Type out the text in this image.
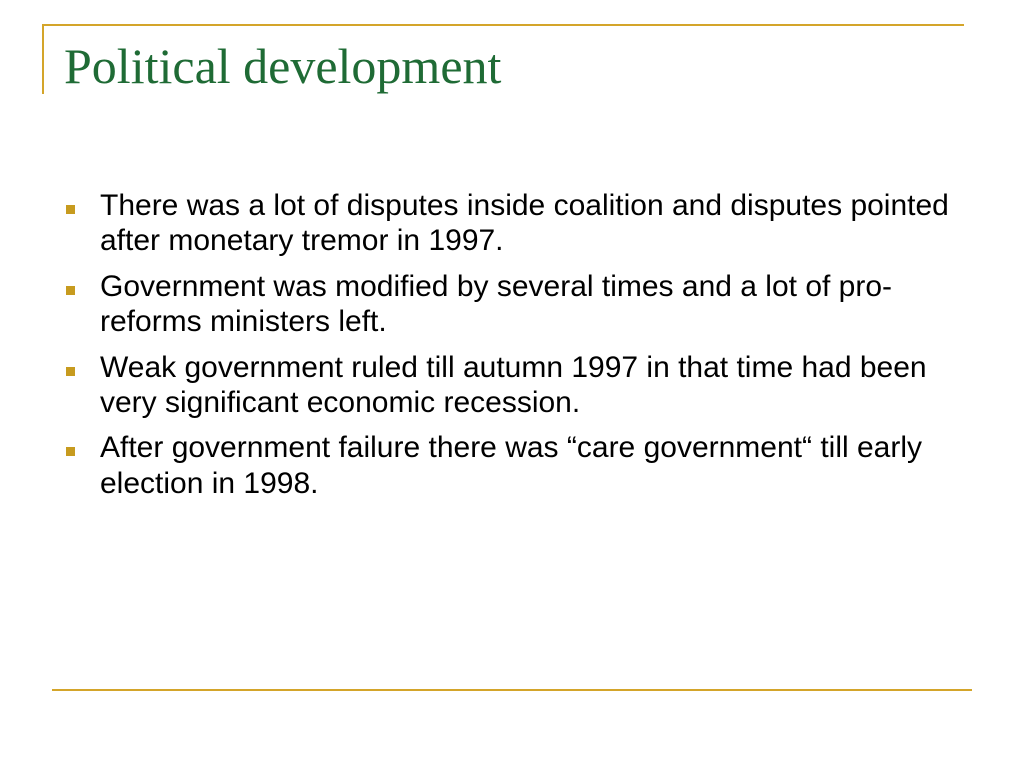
Political development
There was a lot of disputes inside coalition and disputes pointed after monetary tremor in 1997.
Government was modified by several times and a lot of pro-reforms ministers left.
Weak government ruled till autumn 1997 in that time had been very significant economic recession.
After government failure there was “care government“ till early election in 1998.
